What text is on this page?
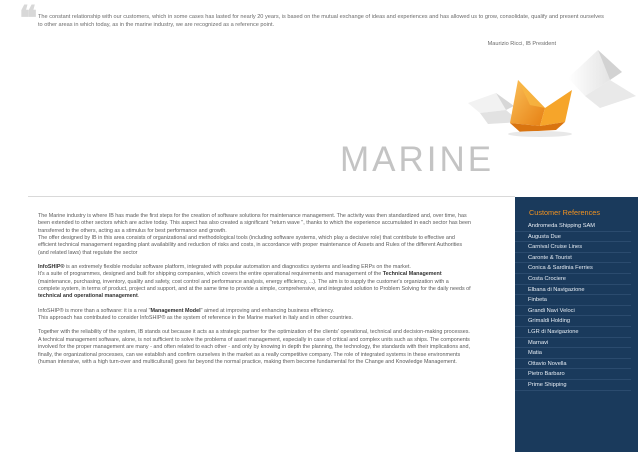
❝ The constant relationship with our customers, which in some cases has lasted for nearly 20 years, is based on the mutual exchange of ideas and experiences and has allowed us to grow, consolidate, qualify and present ourselves to other areas in which today, as in the marine industry, we are recognized as a reference point.
Maurizio Ricci, IB President
MARINE

The Marine industry is where IB has made the first steps for the creation of software solutions for maintenance management. The activity was then standardized and, over time, has been extended to other sectors which are active today. This aspect has also created a significant "return wave ", thanks to which the experience accumulated in each sector has been transferred to the others, acting as a stimulus for best performance and growth.
The offer designed by IB in this area consists of organizational and methodological tools (including software systems, which play a decisive role) that contribute to effective and efficient technical management regarding plant availability and reduction of risks and costs, in accordance with proper maintenance of Assets and Rules of the different Authorities (and related laws) that regulate the sector

InfoSHIP® is an extremely flexible modular software platform, integrated with popular automation and diagnostics systems and leading ERPs on the market.
It's a suite of programmes, designed and built for shipping companies, which covers the entire operational requirements and management of the Technical Management (maintenance, purchasing, inventory, quality and safety, cost control and performance analysis, energy efficiency, ...). The aim is to supply the customer's organization with a complete system, in terms of product, project and support, and at the same time to provide a simple, comprehensive, and integrated solution to Problem Solving for the daily needs of technical and operational management.

InfoSHIP® is more than a software: it is a real "Management Model" aimed at improving and enhancing business efficiency.
This approach has contributed to consider InfoSHIP® as the system of reference in the Marine market in Italy and in other countries.

Together with the reliability of the system, IB stands out because it acts as a strategic partner for the optimization of the clients' operational, technical and decision-making processes. A technical management software, alone, is not sufficient to solve the problems of asset management, especially in case of critical and complex units such as ships. The components involved for the proper management are many - and often related to each other - and only by knowing in depth the planning, the technology, the standards with their implications and, finally, the organizational processes, can we establish and confirm ourselves in the market as a really competitive company. The role of integrated systems in these environments (human intensive, with a high turn-over and multicultural) goes far beyond the normal practice, making them become fundamental for the Change and Knowledge Management.

Customer References
Andromeda Shipping SAM
Augusta Due
Carnival Cruise Lines
Caronte & Tourist
Conica & Sardinia Ferries
Costa Crociere
Elbana di Navigazione
Finbeta
Grandi Navi Veloci
Grimaldi Holding
LGR di Navigazione
Marnavi
Matia
Ottavio Novella
Pietro Barbaro
Prime Shipping
